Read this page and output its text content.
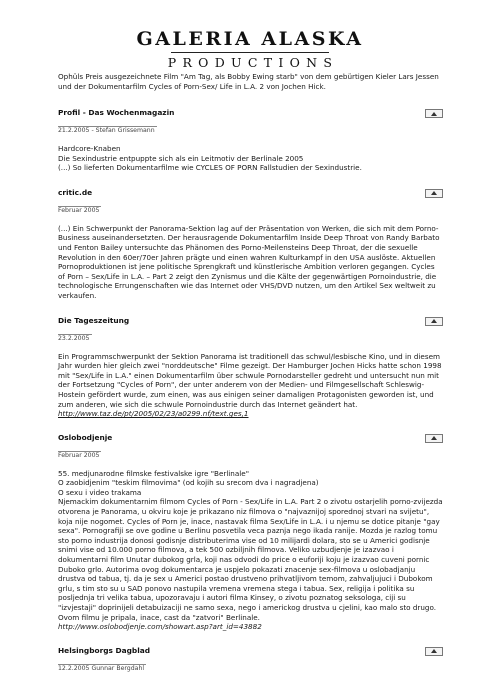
GALERIA ALASKA
PRODUCTIONS
Ophüls Preis ausgezeichnete Film "Am Tag, als Bobby Ewing starb" von dem gebürtigen Kieler Lars Jessen und der Dokumentarfilm Cycles of Porn-Sex/ Life in L.A. 2 von Jochen Hick.
Profil - Das Wochenmagazin
21.2.2005 - Stefan Grissemann

Hardcore-Knaben

Die Sexindustrie entpuppte sich als ein Leitmotiv der Berlinale 2005

(...) So lieferten Dokumentarfilme wie CYCLES OF PORN Fallstudien der Sexindustrie.

critic.de
Februar 2005
(...) Ein Schwerpunkt der Panorama-Sektion lag auf der Präsentation von Werken, die sich mit dem Porno-Business auseinandersetzten. Der herausragende Dokumentarfilm Inside Deep Throat von Randy Barbato und Fenton Bailey untersuchte das Phänomen des Porno-Meilensteins Deep Throat, der die sexuelle Revolution in den 60er/70er Jahren prägte und einen wahren Kulturkampf in den USA auslöste. Aktuellen Pornoproduktionen ist jene politische Sprengkraft und künstlerische Ambition verloren gegangen. Cycles of Porn – Sex/Life in L.A. – Part 2 zeigt den Zynismus und die Kälte der gegenwärtigen Pornoindustrie, die technologische Errungenschaften wie das Internet oder VHS/DVD nutzen, um den Artikel Sex weltweit zu verkaufen.
Die Tageszeitung
23.2.2005

Ein Programmschwerpunkt der Sektion Panorama ist traditionell das schwul/lesbische Kino, und in diesem Jahr wurden hier gleich zwei "norddeutsche" Filme gezeigt. Der Hamburger Jochen Hicks hatte schon 1998 mit "Sex/Life in L.A." einen Dokumentarfilm über schwule Pornodarsteller gedreht und untersucht nun mit der Fortsetzung "Cycles of Porn", der unter anderem von der Medien- und Filmgesellschaft Schleswig-Hostein gefördert wurde, zum einen, was aus einigen seiner damaligen Protagonisten geworden ist, und zum anderen, wie sich die schwule Pornoindustrie durch das Internet geändert hat.

http://www.taz.de/pt/2005/02/23/a0299.nf/text.ges,1

Oslobodjenje
Februar 2005

55. medjunarodne filmske festivalske igre "Berlinale"

O zaobidjenim "teskim filmovima" (od kojih su srecom dva i nagradjena)

O sexu i video trakama

Njemackim dokumentarnim filmom Cycles of Porn - Sex/Life in L.A. Part 2 o zivotu ostarjelih porno-zvijezda otvorena je Panorama, u okviru koje je prikazano niz filmova o "najvaznijoj sporednoj stvari na svijetu", koja nije nogomet. Cycles of Porn je, inace, nastavak filma Sex/Life in L.A. i u njemu se dotice pitanje "gay sexa". Pornografiji se ove godine u Berlinu posvetila veca paznja nego ikada ranije. Mozda je razlog tomu sto porno industrija donosi godisnje distributerima vise od 10 milijardi dolara, sto se u Americi godisnje snimi vise od 10.000 porno filmova, a tek 500 ozbiljnih filmova. Veliko uzbudjenje je izazvao i dokumentarni film Unutar dubokog grla, koji nas odvodi do price o euforiji koju je izazvao cuveni pornic Duboko grlo. Autorima ovog dokumentarca je uspjelo pokazati znacenje sex-filmova u oslobadjanju drustva od tabua, tj. da je sex u Americi postao drustveno prihvatljivom temom, zahvaljujuci i Dubokom grlu, s tim sto su u SAD ponovo nastupila vremena vremena stega i tabua. Sex, religija i politika su posljednja tri velika tabua, upozoravaju i autori filma Kinsey, o zivotu poznatog seksologa, ciji su "izvjestaji" doprinijeli detabuizaciji ne samo sexa, nego i americkog drustva u cjelini, kao malo sto drugo. Ovom filmu je pripala, inace, cast da "zatvori" Berlinale.

http://www.oslobodjenje.com/showart.asp?art_id=43882

Helsingborgs Dagblad
12.2.2005 Gunnar Bergdahl
